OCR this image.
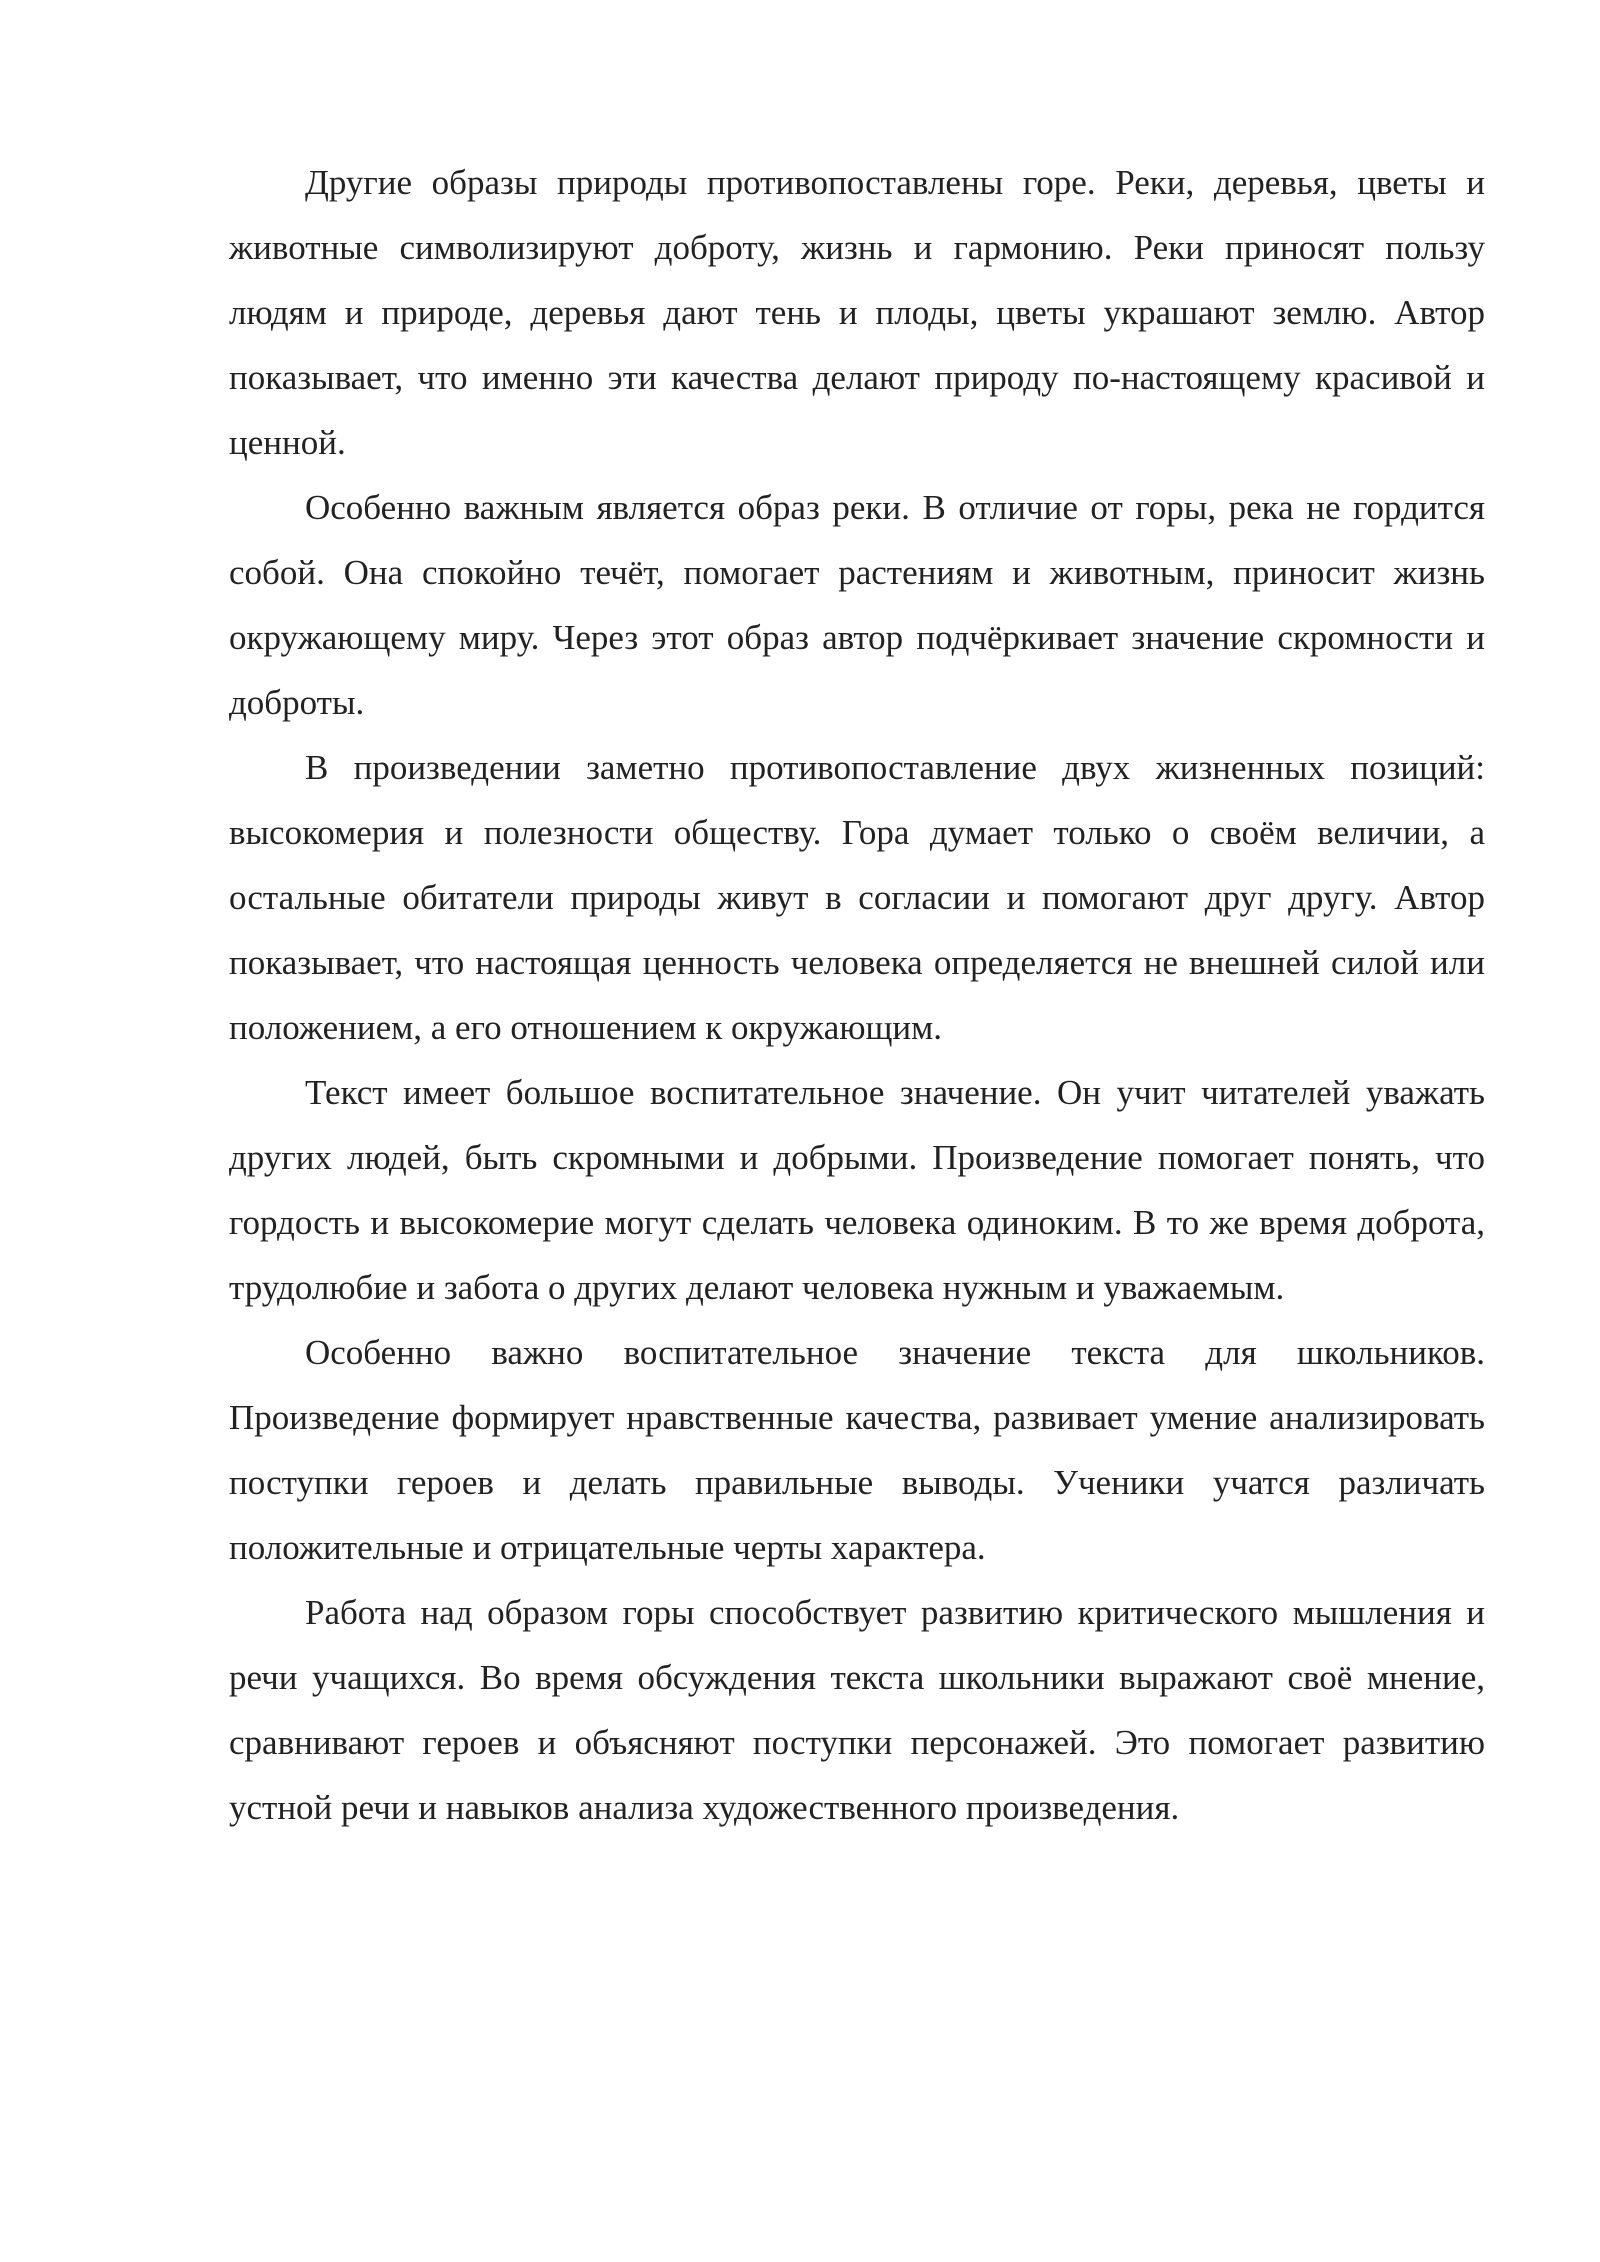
Другие образы природы противопоставлены горе. Реки, деревья, цветы и животные символизируют доброту, жизнь и гармонию. Реки приносят пользу людям и природе, деревья дают тень и плоды, цветы украшают землю. Автор показывает, что именно эти качества делают природу по-настоящему красивой и ценной.

Особенно важным является образ реки. В отличие от горы, река не гордится собой. Она спокойно течёт, помогает растениям и животным, приносит жизнь окружающему миру. Через этот образ автор подчёркивает значение скромности и доброты.

В произведении заметно противопоставление двух жизненных позиций: высокомерия и полезности обществу. Гора думает только о своём величии, а остальные обитатели природы живут в согласии и помогают друг другу. Автор показывает, что настоящая ценность человека определяется не внешней силой или положением, а его отношением к окружающим.

Текст имеет большое воспитательное значение. Он учит читателей уважать других людей, быть скромными и добрыми. Произведение помогает понять, что гордость и высокомерие могут сделать человека одиноким. В то же время доброта, трудолюбие и забота о других делают человека нужным и уважаемым.

Особенно важно воспитательное значение текста для школьников. Произведение формирует нравственные качества, развивает умение анализировать поступки героев и делать правильные выводы. Ученики учатся различать положительные и отрицательные черты характера.

Работа над образом горы способствует развитию критического мышления и речи учащихся. Во время обсуждения текста школьники выражают своё мнение, сравнивают героев и объясняют поступки персонажей. Это помогает развитию устной речи и навыков анализа художественного произведения.
